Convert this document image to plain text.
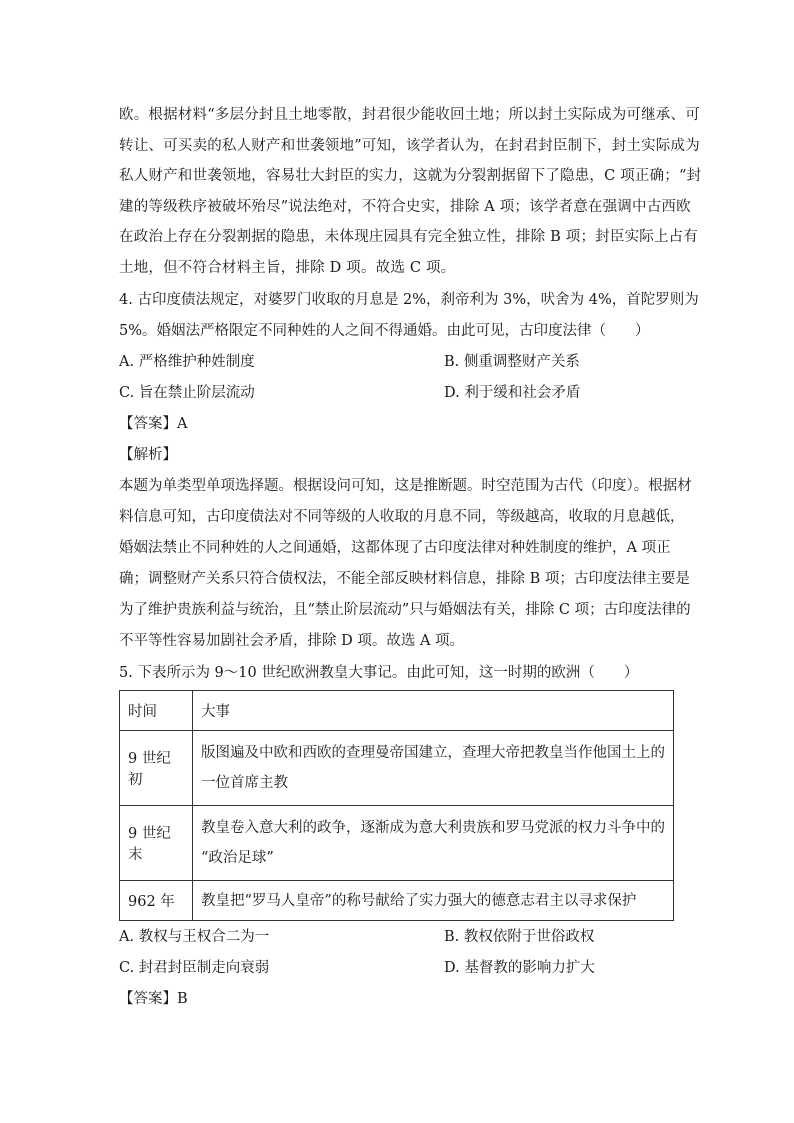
欧。根据材料“多层分封且土地零散，封君很少能收回土地；所以封土实际成为可继承、可
转让、可买卖的私人财产和世袭领地”可知，该学者认为，在封君封臣制下，封土实际成为
私人财产和世袭领地，容易壮大封臣的实力，这就为分裂割据留下了隐患，C 项正确；“封
建的等级秩序被破坏殆尽”说法绝对，不符合史实，排除 A 项；该学者意在强调中古西欧
在政治上存在分裂割据的隐患，未体现庄园具有完全独立性，排除 B 项；封臣实际上占有
土地，但不符合材料主旨，排除 D 项。故选 C 项。
4. 古印度债法规定，对婆罗门收取的月息是 2%，刹帝利为 3%，吠舍为 4%，首陀罗则为
5%。婚姻法严格限定不同种姓的人之间不得通婚。由此可见，古印度法律（　　）
A. 严格维护种姓制度	B. 侧重调整财产关系
C. 旨在禁止阶层流动	D. 利于缓和社会矛盾
【答案】A
【解析】
本题为单类型单项选择题。根据设问可知，这是推断题。时空范围为古代（印度）。根据材
料信息可知，古印度债法对不同等级的人收取的月息不同，等级越高，收取的月息越低，
婚姻法禁止不同种姓的人之间通婚，这都体现了古印度法律对种姓制度的维护，A 项正
确；调整财产关系只符合债权法，不能全部反映材料信息，排除 B 项；古印度法律主要是
为了维护贵族利益与统治，且“禁止阶层流动”只与婚姻法有关，排除 C 项；古印度法律的
不平等性容易加剧社会矛盾，排除 D 项。故选 A 项。
5. 下表所示为 9～10 世纪欧洲教皇大事记。由此可知，这一时期的欧洲（　　）
时间	大事
9 世纪初	版图遍及中欧和西欧的查理曼帝国建立，查理大帝把教皇当作他国土上的
一位首席主教

9 世纪末	教皇卷入意大利的政争，逐渐成为意大利贵族和罗马党派的权力斗争中的
“政治足球”

962 年	教皇把“罗马人皇帝”的称号献给了实力强大的德意志君主以寻求保护
A. 教权与王权合二为一	B. 教权依附于世俗政权
C. 封君封臣制走向衰弱	D. 基督教的影响力扩大
【答案】B
